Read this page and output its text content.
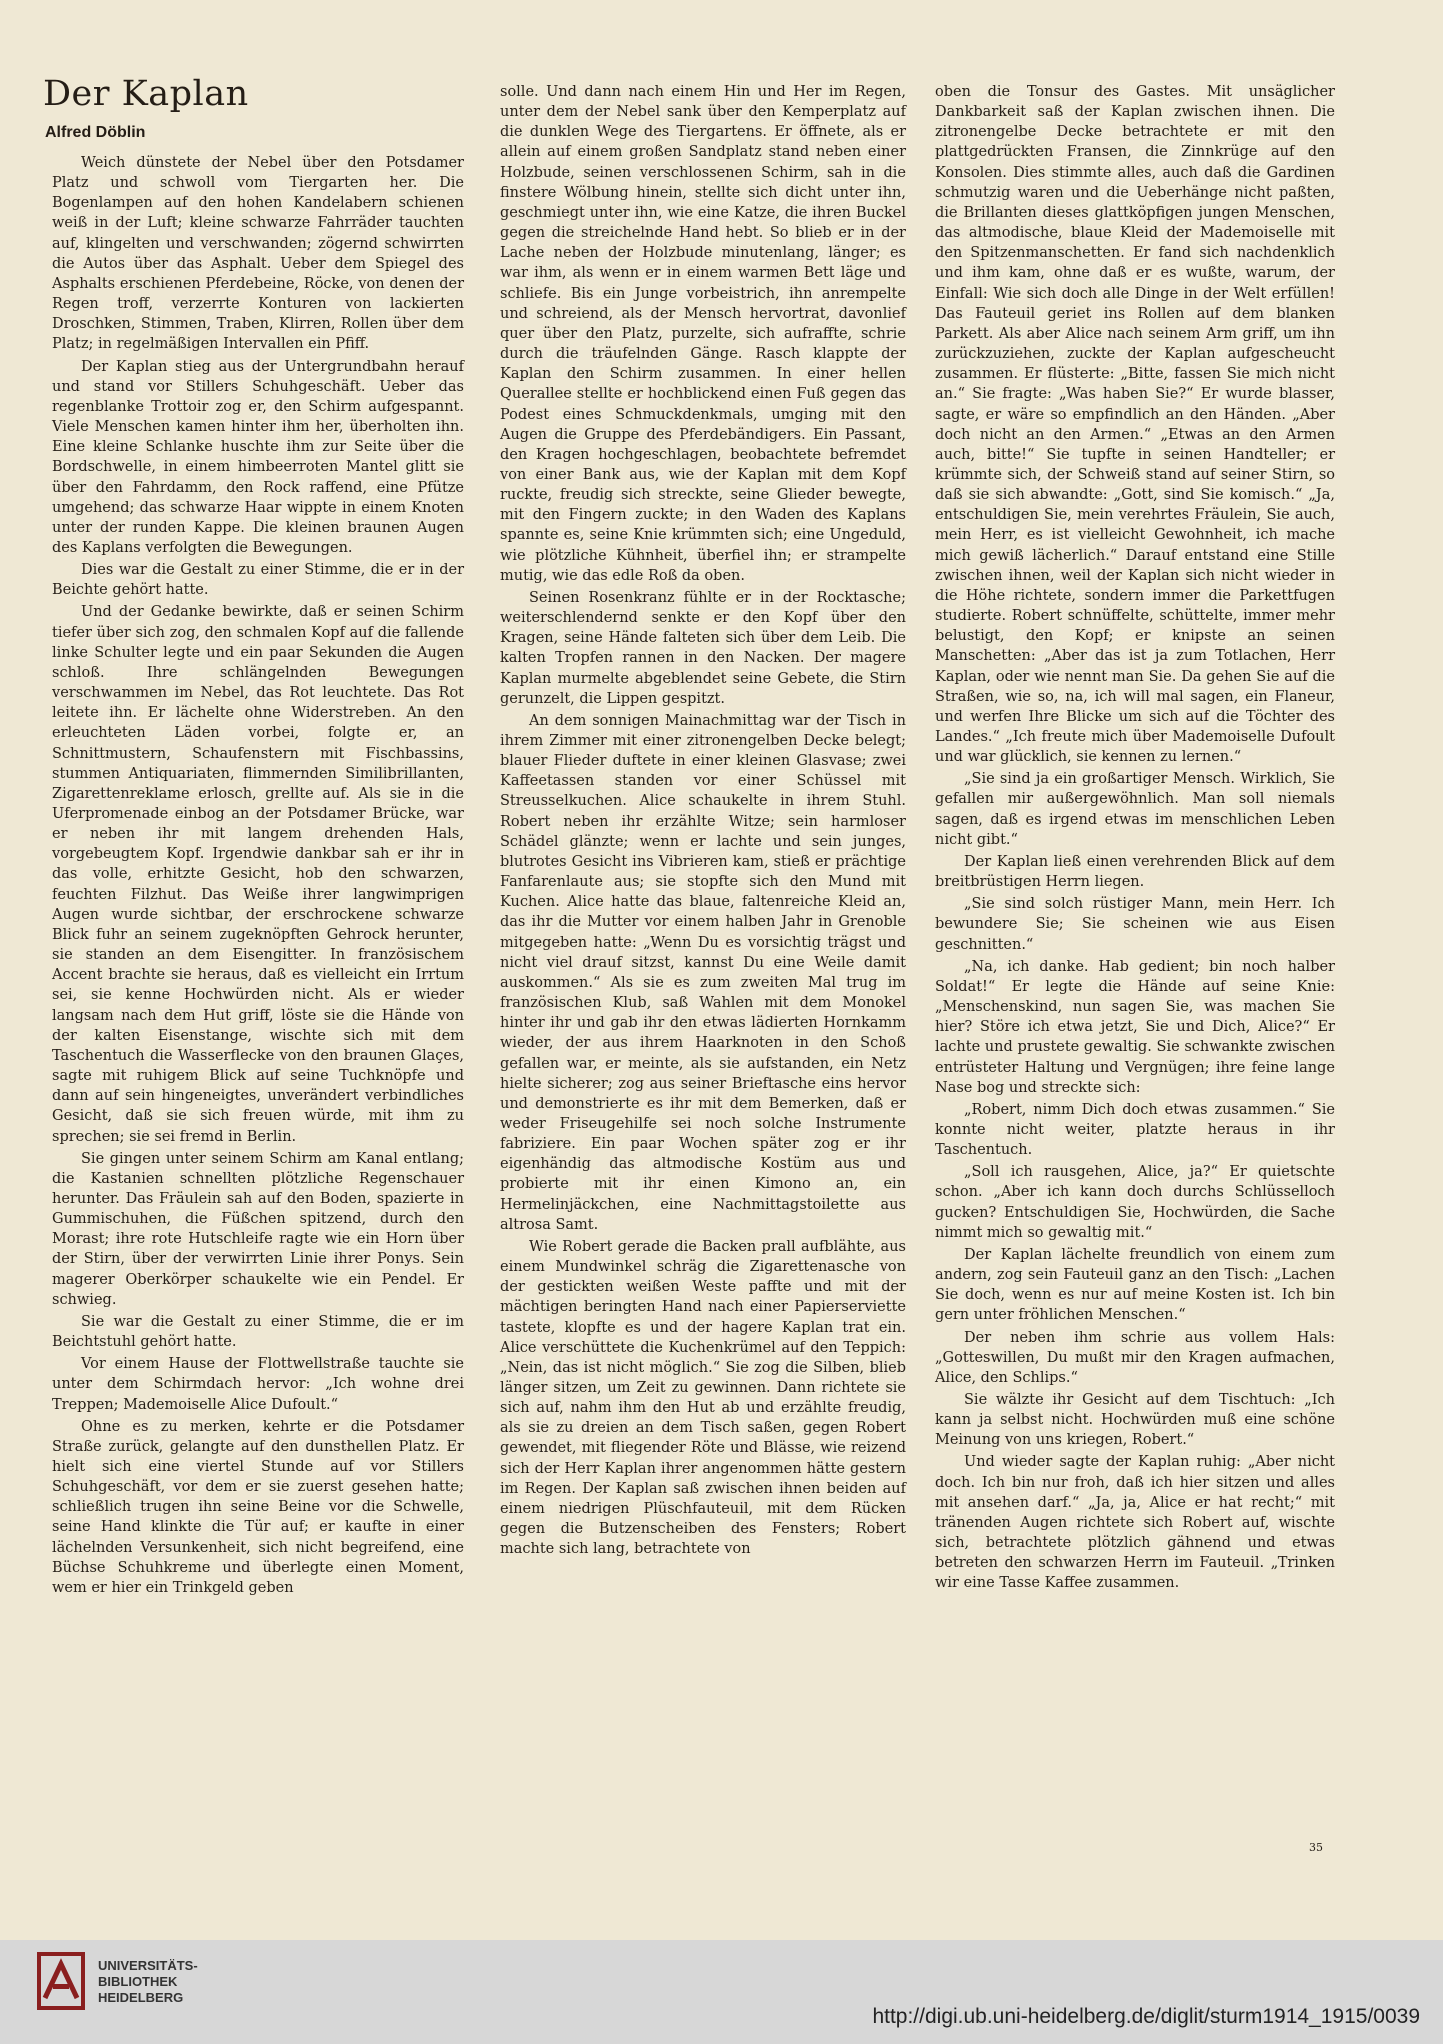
Der Kaplan
Alfred Döblin

Weich dünstete der Nebel über den Potsdamer Platz und schwoll vom Tiergarten her. Die Bogenlampen auf den hohen Kandelabern schienen weiß in der Luft; kleine schwarze Fahrräder tauchten auf, klingelten und verschwanden; zögernd schwirrten die Autos über das Asphalt. Ueber dem Spiegel des Asphalts erschienen Pferdebeine, Röcke, von denen der Regen troff, verzerrte Konturen von lackierten Droschken, Stimmen, Traben, Klirren, Rollen über dem Platz; in regelmäßigen Intervallen ein Pfiff.

Der Kaplan stieg aus der Untergrundbahn herauf und stand vor Stillers Schuhgeschäft. Ueber das regenblanke Trottoir zog er, den Schirm aufgespannt. Viele Menschen kamen hinter ihm her, überholten ihn. Eine kleine Schlanke huschte ihm zur Seite über die Bordschwelle, in einem himbeerroten Mantel glitt sie über den Fahrdamm, den Rock raffend, eine Pfütze umgehend; das schwarze Haar wippte in einem Knoten unter der runden Kappe. Die kleinen braunen Augen des Kaplans verfolgten die Bewegungen.

Dies war die Gestalt zu einer Stimme, die er in der Beichte gehört hatte.

Und der Gedanke bewirkte, daß er seinen Schirm tiefer über sich zog, den schmalen Kopf auf die fallende linke Schulter legte und ein paar Sekunden die Augen schloß. Ihre schlängelnden Bewegungen verschwammen im Nebel, das Rot leuchtete. Das Rot leitete ihn. Er lächelte ohne Widerstreben. An den erleuchteten Läden vorbei, folgte er, an Schnittmustern, Schaufenstern mit Fischbassins, stummen Antiquariaten, flimmernden Similibrillanten, Zigarettenreklame erlosch, grellte auf. Als sie in die Uferpromenade einbog an der Potsdamer Brücke, war er neben ihr mit langem drehenden Hals, vorgebeugtem Kopf. Irgendwie dankbar sah er ihr in das volle, erhitzte Gesicht, hob den schwarzen, feuchten Filzhut. Das Weiße ihrer langwimprigen Augen wurde sichtbar, der erschrockene schwarze Blick fuhr an seinem zugeknöpften Gehrock herunter, sie standen an dem Eisengitter. In französischem Accent brachte sie heraus, daß es vielleicht ein Irrtum sei, sie kenne Hochwürden nicht. Als er wieder langsam nach dem Hut griff, löste sie die Hände von der kalten Eisenstange, wischte sich mit dem Taschentuch die Wasserflecke von den braunen Glaçes, sagte mit ruhigem Blick auf seine Tuchknöpfe und dann auf sein hingeneigtes, unverändert verbindliches Gesicht, daß sie sich freuen würde, mit ihm zu sprechen; sie sei fremd in Berlin.

Sie gingen unter seinem Schirm am Kanal entlang; die Kastanien schnellten plötzliche Regenschauer herunter. Das Fräulein sah auf den Boden, spazierte in Gummischuhen, die Füßchen spitzend, durch den Morast; ihre rote Hutschleife ragte wie ein Horn über der Stirn, über der verwirrten Linie ihrer Ponys. Sein magerer Oberkörper schaukelte wie ein Pendel. Er schwieg.

Sie war die Gestalt zu einer Stimme, die er im Beichtstuhl gehört hatte.

Vor einem Hause der Flottwellstraße tauchte sie unter dem Schirmdach hervor: „Ich wohne drei Treppen; Mademoiselle Alice Dufoult.“

Ohne es zu merken, kehrte er die Potsdamer Straße zurück, gelangte auf den dunsthellen Platz. Er hielt sich eine viertel Stunde auf vor Stillers Schuhgeschäft, vor dem er sie zuerst gesehen hatte; schließlich trugen ihn seine Beine vor die Schwelle, seine Hand klinkte die Tür auf; er kaufte in einer lächelnden Versunkenheit, sich nicht begreifend, eine Büchse Schuhkreme und überlegte einen Moment, wem er hier ein Trinkgeld geben

solle. Und dann nach einem Hin und Her im Regen, unter dem der Nebel sank über den Kemperplatz auf die dunklen Wege des Tiergartens. Er öffnete, als er allein auf einem großen Sandplatz stand neben einer Holzbude, seinen verschlossenen Schirm, sah in die finstere Wölbung hinein, stellte sich dicht unter ihn, geschmiegt unter ihn, wie eine Katze, die ihren Buckel gegen die streichelnde Hand hebt. So blieb er in der Lache neben der Holzbude minutenlang, länger; es war ihm, als wenn er in einem warmen Bett läge und schliefe. Bis ein Junge vorbeistrich, ihn anrempelte und schreiend, als der Mensch hervortrat, davonlief quer über den Platz, purzelte, sich aufraffte, schrie durch die träufelnden Gänge. Rasch klappte der Kaplan den Schirm zusammen. In einer hellen Querallee stellte er hochblickend einen Fuß gegen das Podest eines Schmuckdenkmals, umging mit den Augen die Gruppe des Pferdebändigers. Ein Passant, den Kragen hochgeschlagen, beobachtete befremdet von einer Bank aus, wie der Kaplan mit dem Kopf ruckte, freudig sich streckte, seine Glieder bewegte, mit den Fingern zuckte; in den Waden des Kaplans spannte es, seine Knie krümmten sich; eine Ungeduld, wie plötzliche Kühnheit, überfiel ihn; er strampelte mutig, wie das edle Roß da oben.

Seinen Rosenkranz fühlte er in der Rocktasche; weiterschlendernd senkte er den Kopf über den Kragen, seine Hände falteten sich über dem Leib. Die kalten Tropfen rannen in den Nacken. Der magere Kaplan murmelte abgeblendet seine Gebete, die Stirn gerunzelt, die Lippen gespitzt.

An dem sonnigen Mainachmittag war der Tisch in ihrem Zimmer mit einer zitronengelben Decke belegt; blauer Flieder duftete in einer kleinen Glasvase; zwei Kaffeetassen standen vor einer Schüssel mit Streusselkuchen. Alice schaukelte in ihrem Stuhl. Robert neben ihr erzählte Witze; sein harmloser Schädel glänzte; wenn er lachte und sein junges, blutrotes Gesicht ins Vibrieren kam, stieß er prächtige Fanfarenlaute aus; sie stopfte sich den Mund mit Kuchen. Alice hatte das blaue, faltenreiche Kleid an, das ihr die Mutter vor einem halben Jahr in Grenoble mitgegeben hatte: „Wenn Du es vorsichtig trägst und nicht viel drauf sitzst, kannst Du eine Weile damit auskommen.“ Als sie es zum zweiten Mal trug im französischen Klub, saß Wahlen mit dem Monokel hinter ihr und gab ihr den etwas lädierten Hornkamm wieder, der aus ihrem Haarknoten in den Schoß gefallen war, er meinte, als sie aufstanden, ein Netz hielte sicherer; zog aus seiner Brieftasche eins hervor und demonstrierte es ihr mit dem Bemerken, daß er weder Friseugehilfe sei noch solche Instrumente fabriziere. Ein paar Wochen später zog er ihr eigenhändig das altmodische Kostüm aus und probierte mit ihr einen Kimono an, ein Hermelinjäckchen, eine Nachmittagstoilette aus altrosa Samt.

Wie Robert gerade die Backen prall aufblähte, aus einem Mundwinkel schräg die Zigarettenasche von der gestickten weißen Weste paffte und mit der mächtigen beringten Hand nach einer Papierserviette tastete, klopfte es und der hagere Kaplan trat ein. Alice verschüttete die Kuchenkrümel auf den Teppich: „Nein, das ist nicht möglich.“ Sie zog die Silben, blieb länger sitzen, um Zeit zu gewinnen. Dann richtete sie sich auf, nahm ihm den Hut ab und erzählte freudig, als sie zu dreien an dem Tisch saßen, gegen Robert gewendet, mit fliegender Röte und Blässe, wie reizend sich der Herr Kaplan ihrer angenommen hätte gestern im Regen. Der Kaplan saß zwischen ihnen beiden auf einem niedrigen Plüschfauteuil, mit dem Rücken gegen die Butzenscheiben des Fensters; Robert machte sich lang, betrachtete von

oben die Tonsur des Gastes. Mit unsäglicher Dankbarkeit saß der Kaplan zwischen ihnen. Die zitronengelbe Decke betrachtete er mit den plattgedrückten Fransen, die Zinnkrüge auf den Konsolen. Dies stimmte alles, auch daß die Gardinen schmutzig waren und die Ueberhänge nicht paßten, die Brillanten dieses glattköpfigen jungen Menschen, das altmodische, blaue Kleid der Mademoiselle mit den Spitzenmanschetten. Er fand sich nachdenklich und ihm kam, ohne daß er es wußte, warum, der Einfall: Wie sich doch alle Dinge in der Welt erfüllen! Das Fauteuil geriet ins Rollen auf dem blanken Parkett. Als aber Alice nach seinem Arm griff, um ihn zurückzuziehen, zuckte der Kaplan aufgescheucht zusammen. Er flüsterte: „Bitte, fassen Sie mich nicht an.“ Sie fragte: „Was haben Sie?“ Er wurde blasser, sagte, er wäre so empfindlich an den Händen. „Aber doch nicht an den Armen.“ „Etwas an den Armen auch, bitte!“ Sie tupfte in seinen Handteller; er krümmte sich, der Schweiß stand auf seiner Stirn, so daß sie sich abwandte: „Gott, sind Sie komisch.“ „Ja, entschuldigen Sie, mein verehrtes Fräulein, Sie auch, mein Herr, es ist vielleicht Gewohnheit, ich mache mich gewiß lächerlich.“ Darauf entstand eine Stille zwischen ihnen, weil der Kaplan sich nicht wieder in die Höhe richtete, sondern immer die Parkettfugen studierte. Robert schnüffelte, schüttelte, immer mehr belustigt, den Kopf; er knipste an seinen Manschetten: „Aber das ist ja zum Totlachen, Herr Kaplan, oder wie nennt man Sie. Da gehen Sie auf die Straßen, wie so, na, ich will mal sagen, ein Flaneur, und werfen Ihre Blicke um sich auf die Töchter des Landes.“ „Ich freute mich über Mademoiselle Dufoult und war glücklich, sie kennen zu lernen.“

„Sie sind ja ein großartiger Mensch. Wirklich, Sie gefallen mir außergewöhnlich. Man soll niemals sagen, daß es irgend etwas im menschlichen Leben nicht gibt.“

Der Kaplan ließ einen verehrenden Blick auf dem breitbrüstigen Herrn liegen.

„Sie sind solch rüstiger Mann, mein Herr. Ich bewundere Sie; Sie scheinen wie aus Eisen geschnitten.“

„Na, ich danke. Hab gedient; bin noch halber Soldat!“ Er legte die Hände auf seine Knie: „Menschenskind, nun sagen Sie, was machen Sie hier? Störe ich etwa jetzt, Sie und Dich, Alice?“ Er lachte und prustete gewaltig. Sie schwankte zwischen entrüsteter Haltung und Vergnügen; ihre feine lange Nase bog und streckte sich:

„Robert, nimm Dich doch etwas zusammen.“ Sie konnte nicht weiter, platzte heraus in ihr Taschentuch.

„Soll ich rausgehen, Alice, ja?“ Er quietschte schon. „Aber ich kann doch durchs Schlüsselloch gucken? Entschuldigen Sie, Hochwürden, die Sache nimmt mich so gewaltig mit.“

Der Kaplan lächelte freundlich von einem zum andern, zog sein Fauteuil ganz an den Tisch: „Lachen Sie doch, wenn es nur auf meine Kosten ist. Ich bin gern unter fröhlichen Menschen.“

Der neben ihm schrie aus vollem Hals: „Gotteswillen, Du mußt mir den Kragen aufmachen, Alice, den Schlips.“

Sie wälzte ihr Gesicht auf dem Tischtuch: „Ich kann ja selbst nicht. Hochwürden muß eine schöne Meinung von uns kriegen, Robert.“

Und wieder sagte der Kaplan ruhig: „Aber nicht doch. Ich bin nur froh, daß ich hier sitzen und alles mit ansehen darf.“ „Ja, ja, Alice er hat recht;“ mit tränenden Augen richtete sich Robert auf, wischte sich, betrachtete plötzlich gähnend und etwas betreten den schwarzen Herrn im Fauteuil. „Trinken wir eine Tasse Kaffee zusammen.

35
UNIVERSITÄTS-
BIBLIOTHEK
HEIDELBERG
http://digi.ub.uni-heidelberg.de/diglit/sturm1914_1915/0039
